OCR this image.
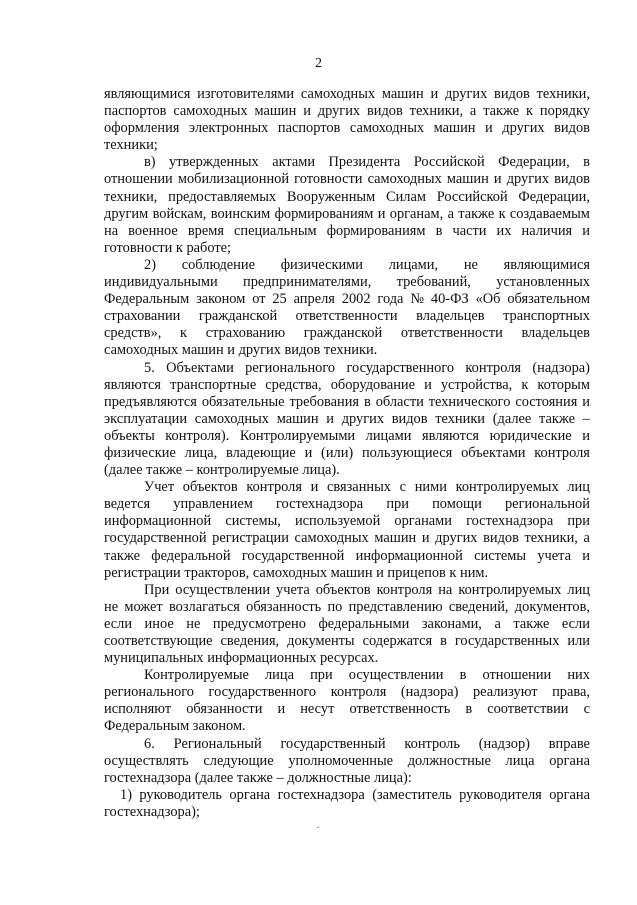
2
являющимися изготовителями самоходных машин и других видов техники,
паспортов самоходных машин и других видов техники, а также к порядку
оформления электронных паспортов самоходных машин и других видов
техники;
в) утвержденных актами Президента Российской Федерации, в
отношении мобилизационной готовности самоходных машин и других видов
техники, предоставляемых Вооруженным Силам Российской Федерации,
другим войскам, воинским формированиям и органам, а также к создаваемым
на военное время специальным формированиям в части их наличия и
готовности к работе;
2) соблюдение физическими лицами, не являющимися
индивидуальными предпринимателями, требований, установленных
Федеральным законом от 25 апреля 2002 года № 40-ФЗ «Об обязательном
страховании гражданской ответственности владельцев транспортных
средств», к страхованию гражданской ответственности владельцев
самоходных машин и других видов техники.
5. Объектами регионального государственного контроля (надзора)
являются транспортные средства, оборудование и устройства, к которым
предъявляются обязательные требования в области технического состояния и
эксплуатации самоходных машин и других видов техники (далее также –
объекты контроля). Контролируемыми лицами являются юридические и
физические лица, владеющие и (или) пользующиеся объектами контроля
(далее также – контролируемые лица).
Учет объектов контроля и связанных с ними контролируемых лиц
ведется управлением гостехнадзора при помощи региональной
информационной системы, используемой органами гостехнадзора при
государственной регистрации самоходных машин и других видов техники, а
также федеральной государственной информационной системы учета и
регистрации тракторов, самоходных машин и прицепов к ним.
При осуществлении учета объектов контроля на контролируемых лиц
не может возлагаться обязанность по представлению сведений, документов,
если иное не предусмотрено федеральными законами, а также если
соответствующие сведения, документы содержатся в государственных или
муниципальных информационных ресурсах.
Контролируемые лица при осуществлении в отношении них
регионального государственного контроля (надзора) реализуют права,
исполняют обязанности и несут ответственность в соответствии с
Федеральным законом.
6. Региональный государственный контроль (надзор) вправе
осуществлять следующие уполномоченные должностные лица органа
гостехнадзора (далее также – должностные лица):
1) руководитель органа гостехнадзора (заместитель руководителя органа
гостехнадзора);
